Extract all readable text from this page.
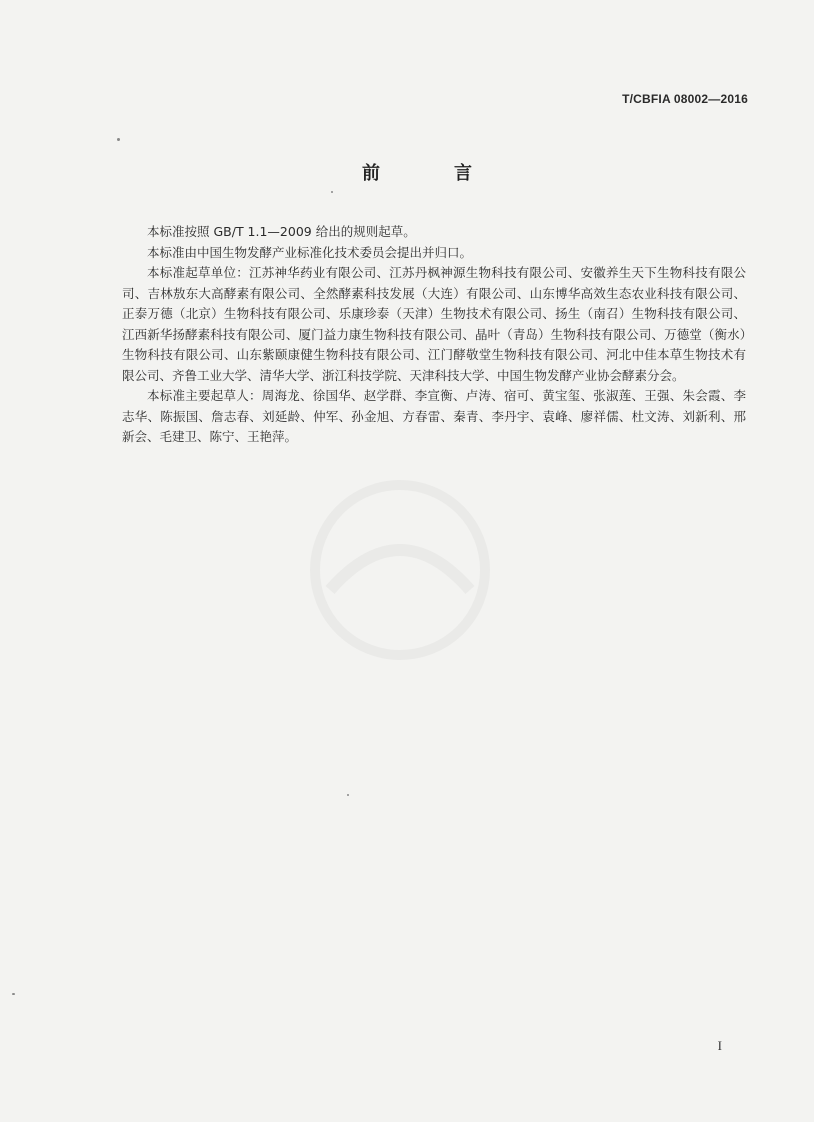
T/CBFIA 08002—2016
前　言

本标准按照 GB/T 1.1—2009 给出的规则起草。

本标准由中国生物发酵产业标准化技术委员会提出并归口。

本标准起草单位：江苏神华药业有限公司、江苏丹枫神源生物科技有限公司、安徽养生天下生物科技有限公司、吉林敖东大高酵素有限公司、全然酵素科技发展（大连）有限公司、山东博华高效生态农业科技有限公司、正泰万德（北京）生物科技有限公司、乐康珍泰（天津）生物技术有限公司、扬生（南召）生物科技有限公司、江西新华扬酵素科技有限公司、厦门益力康生物科技有限公司、晶叶（青岛）生物科技有限公司、万德堂（衡水）生物科技有限公司、山东紫颐康健生物科技有限公司、江门酵敬堂生物科技有限公司、河北中佳本草生物技术有限公司、齐鲁工业大学、清华大学、浙江科技学院、天津科技大学、中国生物发酵产业协会酵素分会。

本标准主要起草人：周海龙、徐国华、赵学群、李宣衡、卢涛、宿可、黄宝玺、张淑莲、王强、朱会霞、李志华、陈振国、詹志春、刘延龄、仲军、孙金旭、方春雷、秦青、李丹宇、袁峰、廖祥儒、杜文涛、刘新利、邢新会、毛建卫、陈宁、王艳萍。

I
